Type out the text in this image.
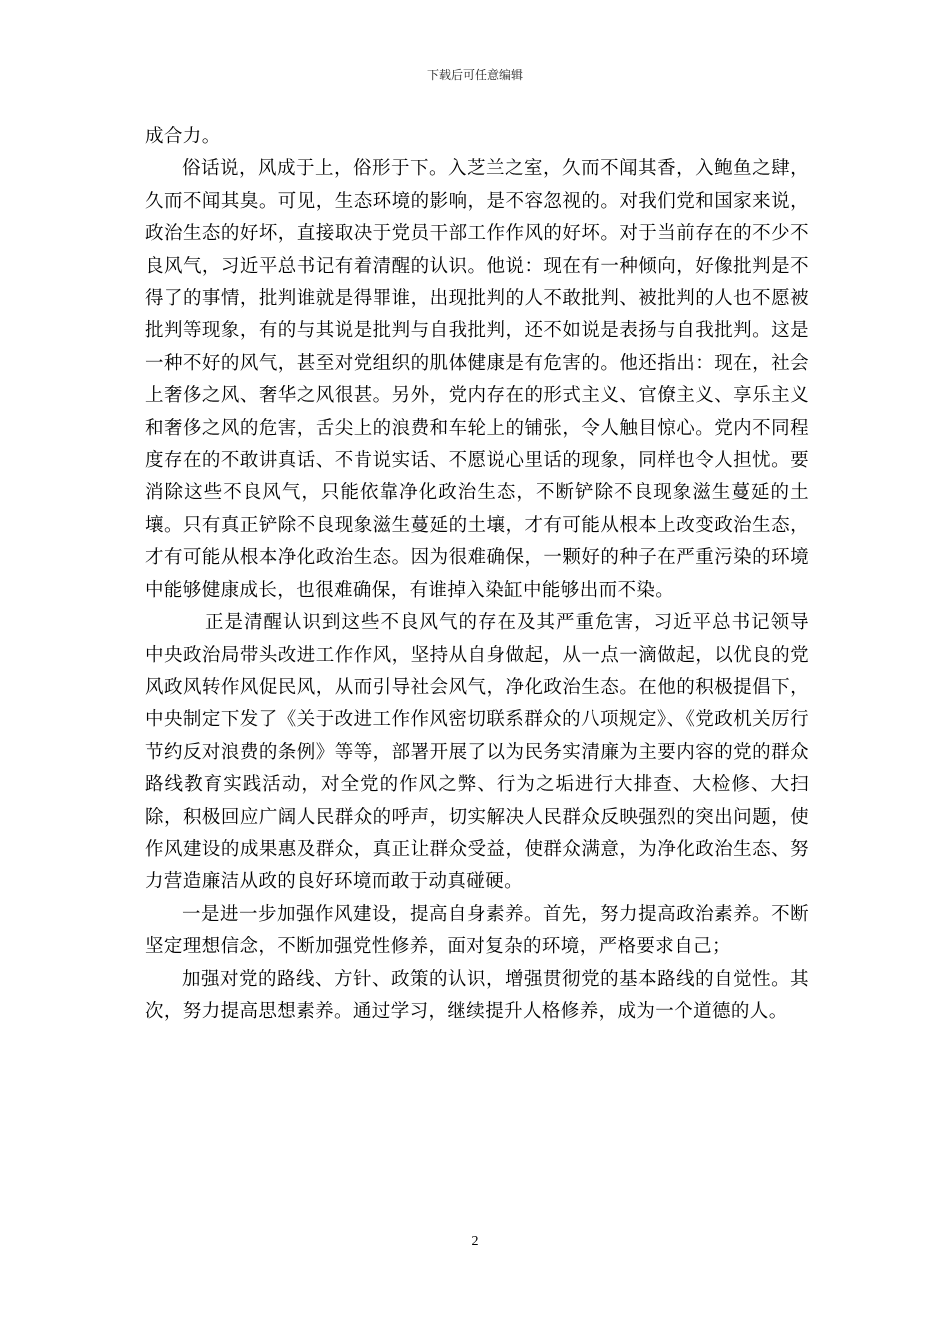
下载后可任意编辑

成合力。

俗话说，风成于上，俗形于下。入芝兰之室，久而不闻其香，入鲍鱼之肆，久而不闻其臭。可见，生态环境的影响，是不容忽视的。对我们党和国家来说，政治生态的好坏，直接取决于党员干部工作作风的好坏。对于当前存在的不少不良风气，习近平总书记有着清醒的认识。他说：现在有一种倾向，好像批判是不得了的事情，批判谁就是得罪谁，出现批判的人不敢批判、被批判的人也不愿被批判等现象，有的与其说是批判与自我批判，还不如说是表扬与自我批判。这是一种不好的风气，甚至对党组织的肌体健康是有危害的。他还指出：现在，社会上奢侈之风、奢华之风很甚。另外，党内存在的形式主义、官僚主义、享乐主义和奢侈之风的危害，舌尖上的浪费和车轮上的铺张，令人触目惊心。党内不同程度存在的不敢讲真话、不肯说实话、不愿说心里话的现象，同样也令人担忧。要消除这些不良风气，只能依靠净化政治生态，不断铲除不良现象滋生蔓延的土壤。只有真正铲除不良现象滋生蔓延的土壤，才有可能从根本上改变政治生态，才有可能从根本净化政治生态。因为很难确保，一颗好的种子在严重污染的环境中能够健康成长，也很难确保，有谁掉入染缸中能够出而不染。

正是清醒认识到这些不良风气的存在及其严重危害，习近平总书记领导中央政治局带头改进工作作风，坚持从自身做起，从一点一滴做起，以优良的党风政风转作风促民风，从而引导社会风气，净化政治生态。在他的积极提倡下，中央制定下发了《关于改进工作作风密切联系群众的八项规定》、《党政机关厉行节约反对浪费的条例》等等，部署开展了以为民务实清廉为主要内容的党的群众路线教育实践活动，对全党的作风之弊、行为之垢进行大排查、大检修、大扫除，积极回应广阔人民群众的呼声，切实解决人民群众反映强烈的突出问题，使作风建设的成果惠及群众，真正让群众受益，使群众满意，为净化政治生态、努力营造廉洁从政的良好环境而敢于动真碰硬。

一是进一步加强作风建设，提高自身素养。首先，努力提高政治素养。不断坚定理想信念，不断加强党性修养，面对复杂的环境，严格要求自己；

加强对党的路线、方针、政策的认识，增强贯彻党的基本路线的自觉性。其次，努力提高思想素养。通过学习，继续提升人格修养，成为一个道德的人。

2
